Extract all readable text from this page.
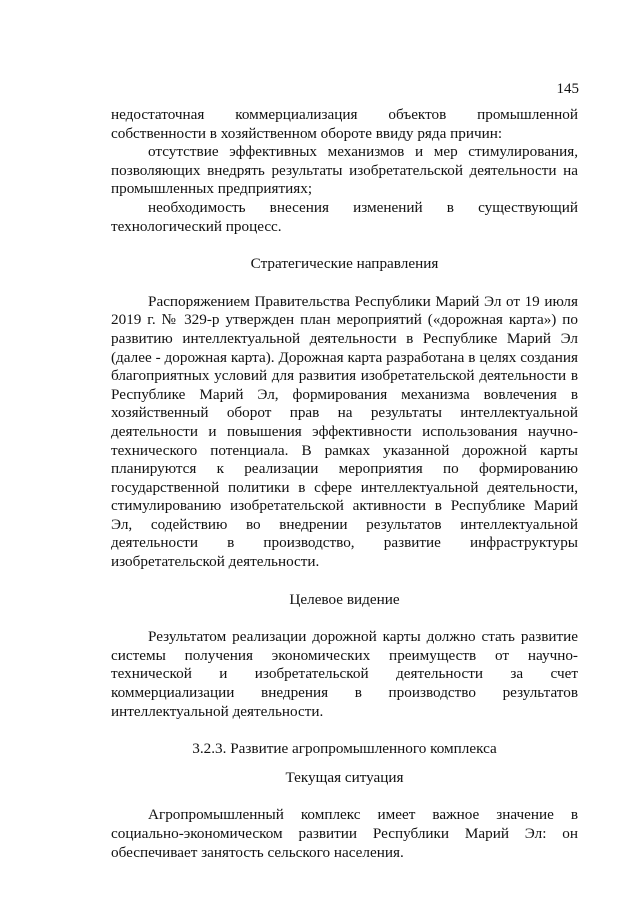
145

недостаточная коммерциализация объектов промышленной собственности в хозяйственном обороте ввиду ряда причин:

отсутствие эффективных механизмов и мер стимулирования, позволяющих внедрять результаты изобретательской деятельности на промышленных предприятиях;

необходимость внесения изменений в существующий технологический процесс.

Стратегические направления

Распоряжением Правительства Республики Марий Эл от 19 июля 2019 г. № 329-р утвержден план мероприятий («дорожная карта») по развитию интеллектуальной деятельности в Республике Марий Эл (далее - дорожная карта). Дорожная карта разработана в целях создания благоприятных условий для развития изобретательской деятельности в Республике Марий Эл, формирования механизма вовлечения в хозяйственный оборот прав на результаты интеллектуальной деятельности и повышения эффективности использования научно-технического потенциала. В рамках указанной дорожной карты планируются к реализации мероприятия по формированию государственной политики в сфере интеллектуальной деятельности, стимулированию изобретательской активности в Республике Марий Эл, содействию во внедрении результатов интеллектуальной деятельности в производство, развитие инфраструктуры изобретательской деятельности.

Целевое видение

Результатом реализации дорожной карты должно стать развитие системы получения экономических преимуществ от научно-технической и изобретательской деятельности за счет коммерциализации внедрения в производство результатов интеллектуальной деятельности.

3.2.3. Развитие агропромышленного комплекса

Текущая ситуация

Агропромышленный комплекс имеет важное значение в социально-экономическом развитии Республики Марий Эл: он обеспечивает занятость сельского населения.
